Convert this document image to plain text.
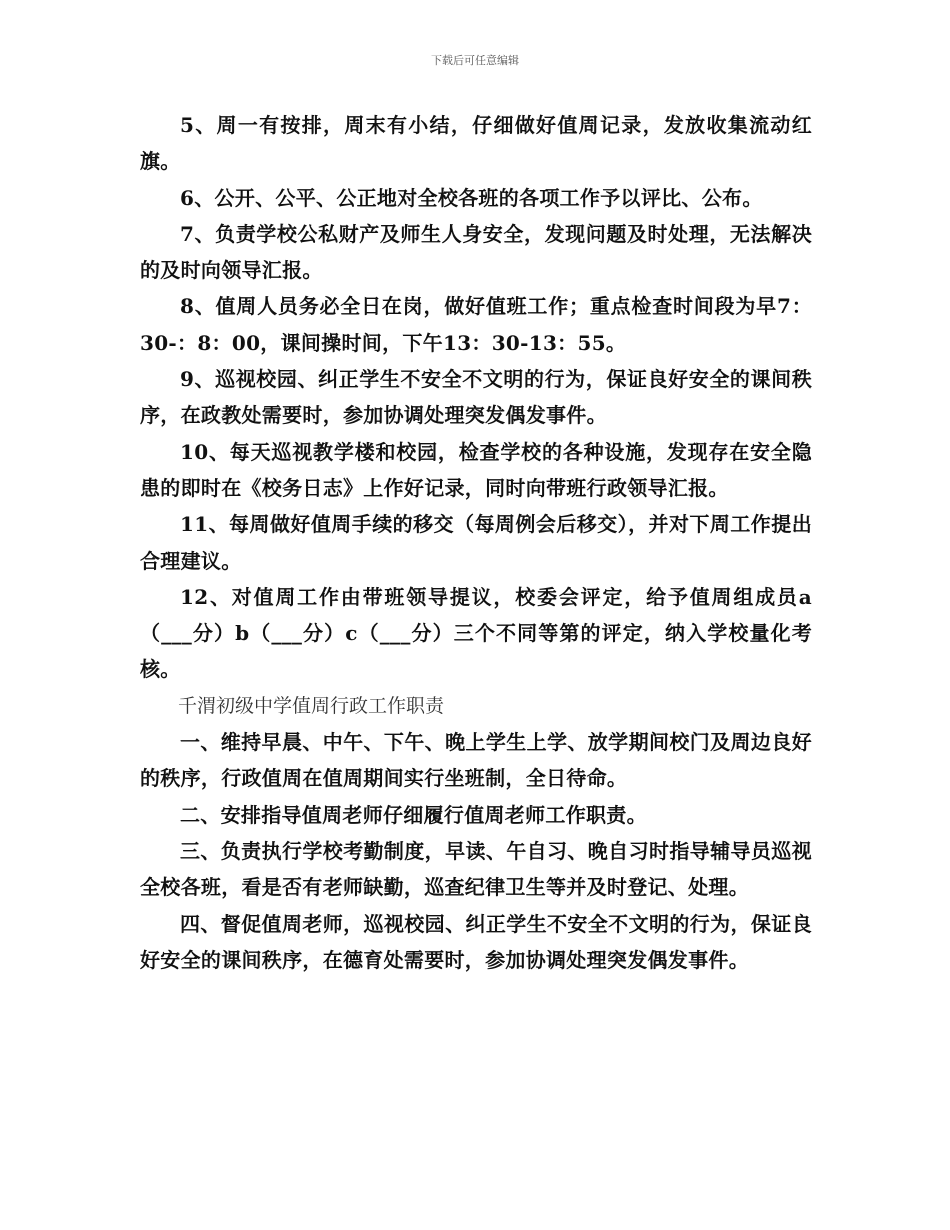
下载后可任意编辑

5、周一有按排，周末有小结，仔细做好值周记录，发放收集流动红旗。

6、公开、公平、公正地对全校各班的各项工作予以评比、公布。

7、负责学校公私财产及师生人身安全，发现问题及时处理，无法解决的及时向领导汇报。

8、值周人员务必全日在岗，做好值班工作；重点检查时间段为早7：30-：8：00，课间操时间，下午13：30-13：55。

9、巡视校园、纠正学生不安全不文明的行为，保证良好安全的课间秩序，在政教处需要时，参加协调处理突发偶发事件。

10、每天巡视教学楼和校园，检查学校的各种设施，发现存在安全隐患的即时在《校务日志》上作好记录，同时向带班行政领导汇报。

11、每周做好值周手续的移交（每周例会后移交），并对下周工作提出合理建议。

12、对值周工作由带班领导提议，校委会评定，给予值周组成员a（___分）b（___分）c（___分）三个不同等第的评定，纳入学校量化考核。

千渭初级中学值周行政工作职责

一、维持早晨、中午、下午、晚上学生上学、放学期间校门及周边良好的秩序，行政值周在值周期间实行坐班制，全日待命。

二、安排指导值周老师仔细履行值周老师工作职责。

三、负责执行学校考勤制度，早读、午自习、晚自习时指导辅导员巡视全校各班，看是否有老师缺勤，巡查纪律卫生等并及时登记、处理。

四、督促值周老师，巡视校园、纠正学生不安全不文明的行为，保证良好安全的课间秩序，在德育处需要时，参加协调处理突发偶发事件。
